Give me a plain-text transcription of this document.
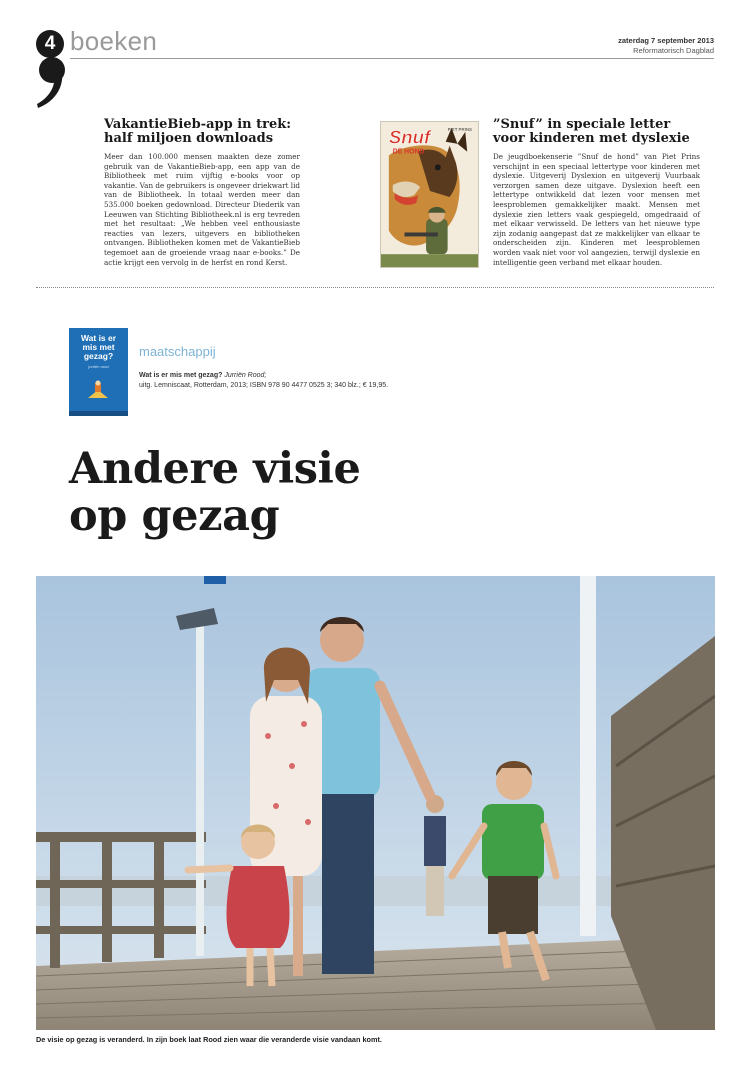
4 boeken	zaterdag 7 september 2013
Reformatorisch Dagblad
VakantieBieb-app in trek: half miljoen downloads
Meer dan 100.000 mensen maakten deze zomer gebruik van de VakantieBieb-app, een app van de Bibliotheek met ruim vijftig e-books voor op vakantie. Van de gebruikers is ongeveer driekwart lid van de Bibliotheek. In totaal werden meer dan 535.000 boeken gedownload. Directeur Diederik van Leeuwen van Stichting Bibliotheek.nl is erg tevreden met het resultaat: „We hebben veel enthousiaste reacties van lezers, uitgevers en bibliotheken ontvangen. Bibliotheken komen met de VakantieBieb tegemoet aan de groeiende vraag naar e-books.” De actie krijgt een vervolg in de herfst en rond Kerst.
Snuf
DE HOND
PIET PRINS ”Snuf” in speciale letter voor kinderen met dyslexie
De jeugdboekenserie ”Snuf de hond” van Piet Prins verschijnt in een speciaal lettertype voor kinderen met dyslexie. Uitgeverij Dyslexion en uitgeverij Vuurbaak verzorgen samen deze uitgave. Dyslexion heeft een lettertype ontwikkeld dat lezen voor mensen met leesproblemen gemakkelijker maakt. Mensen met dyslexie zien letters vaak gespiegeld, omgedraaid of met elkaar verwisseld. De letters van het nieuwe type zijn zodanig aangepast dat ze makkelijker van elkaar te onderscheiden zijn. Kinderen met leesproblemen worden vaak niet voor vol aangezien, terwijl dyslexie en intelligentie geen verband met elkaar houden.
Wat is er mis met gezag?
jurriën rood
maatschappij
Wat is er mis met gezag? Jurriën Rood;
uitg. Lemniscaat, Rotterdam, 2013; ISBN 978 90 4477 0525 3; 340 blz.; € 19,95.
Andere visie
op gezag
De visie op gezag is veranderd. In zijn boek laat Rood zien waar die veranderde visie vandaan komt.
